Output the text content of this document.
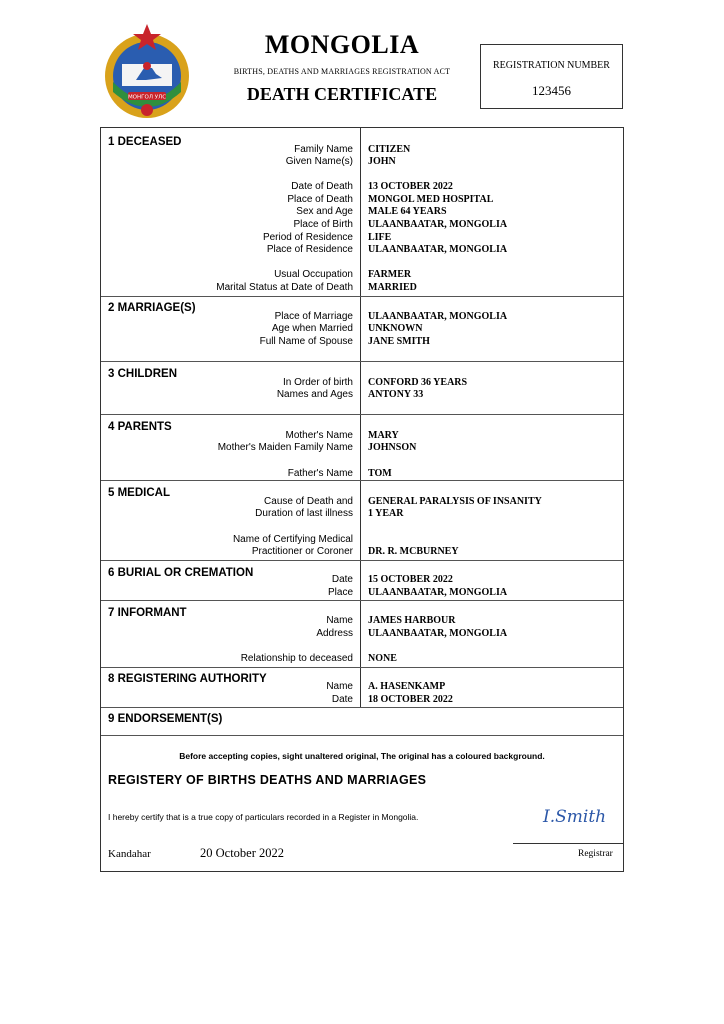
МОНГОЛ УЛС
MONGOLIA
BIRTHS, DEATHS AND MARRIAGES REGISTRATION ACT
DEATH CERTIFICATE
REGISTRATION NUMBER
123456
1 DECEASED
Family Name CITIZEN
Given Name(s) JOHN
Date of Death 13 OCTOBER 2022
Place of Death MONGOL MED HOSPITAL
Sex and Age MALE 64 YEARS
Place of Birth ULAANBAATAR, MONGOLIA
Period of Residence LIFE
Place of Residence ULAANBAATAR, MONGOLIA
Usual Occupation FARMER
Marital Status at Date of Death MARRIED
2 MARRIAGE(S)
Place of Marriage ULAANBAATAR, MONGOLIA
Age when Married UNKNOWN
Full Name of Spouse JANE SMITH
3 CHILDREN
In Order of birth CONFORD 36 YEARS
Names and Ages ANTONY 33
4 PARENTS
Mother's Name MARY
Mother's Maiden Family Name JOHNSON
Father's Name TOM
5 MEDICAL
Cause of Death and GENERAL PARALYSIS OF INSANITY
Duration of last illness 1 YEAR
Name of Certifying Medical
Practitioner or Coroner DR. R. MCBURNEY
6 BURIAL OR CREMATION
Date 15 OCTOBER 2022
Place ULAANBAATAR, MONGOLIA
7 INFORMANT
Name JAMES HARBOUR
Address ULAANBAATAR, MONGOLIA
Relationship to deceased NONE
8 REGISTERING AUTHORITY
Name A. HASENKAMP
Date 18 OCTOBER 2022
9 ENDORSEMENT(S)
Before accepting copies, sight unaltered original, The original has a coloured background.
REGISTERY OF BIRTHS DEATHS AND MARRIAGES
I hereby certify that is a true copy of particulars recorded in a Register in Mongolia.
Kandahar	20 October 2022
I.Smith
Registrar
